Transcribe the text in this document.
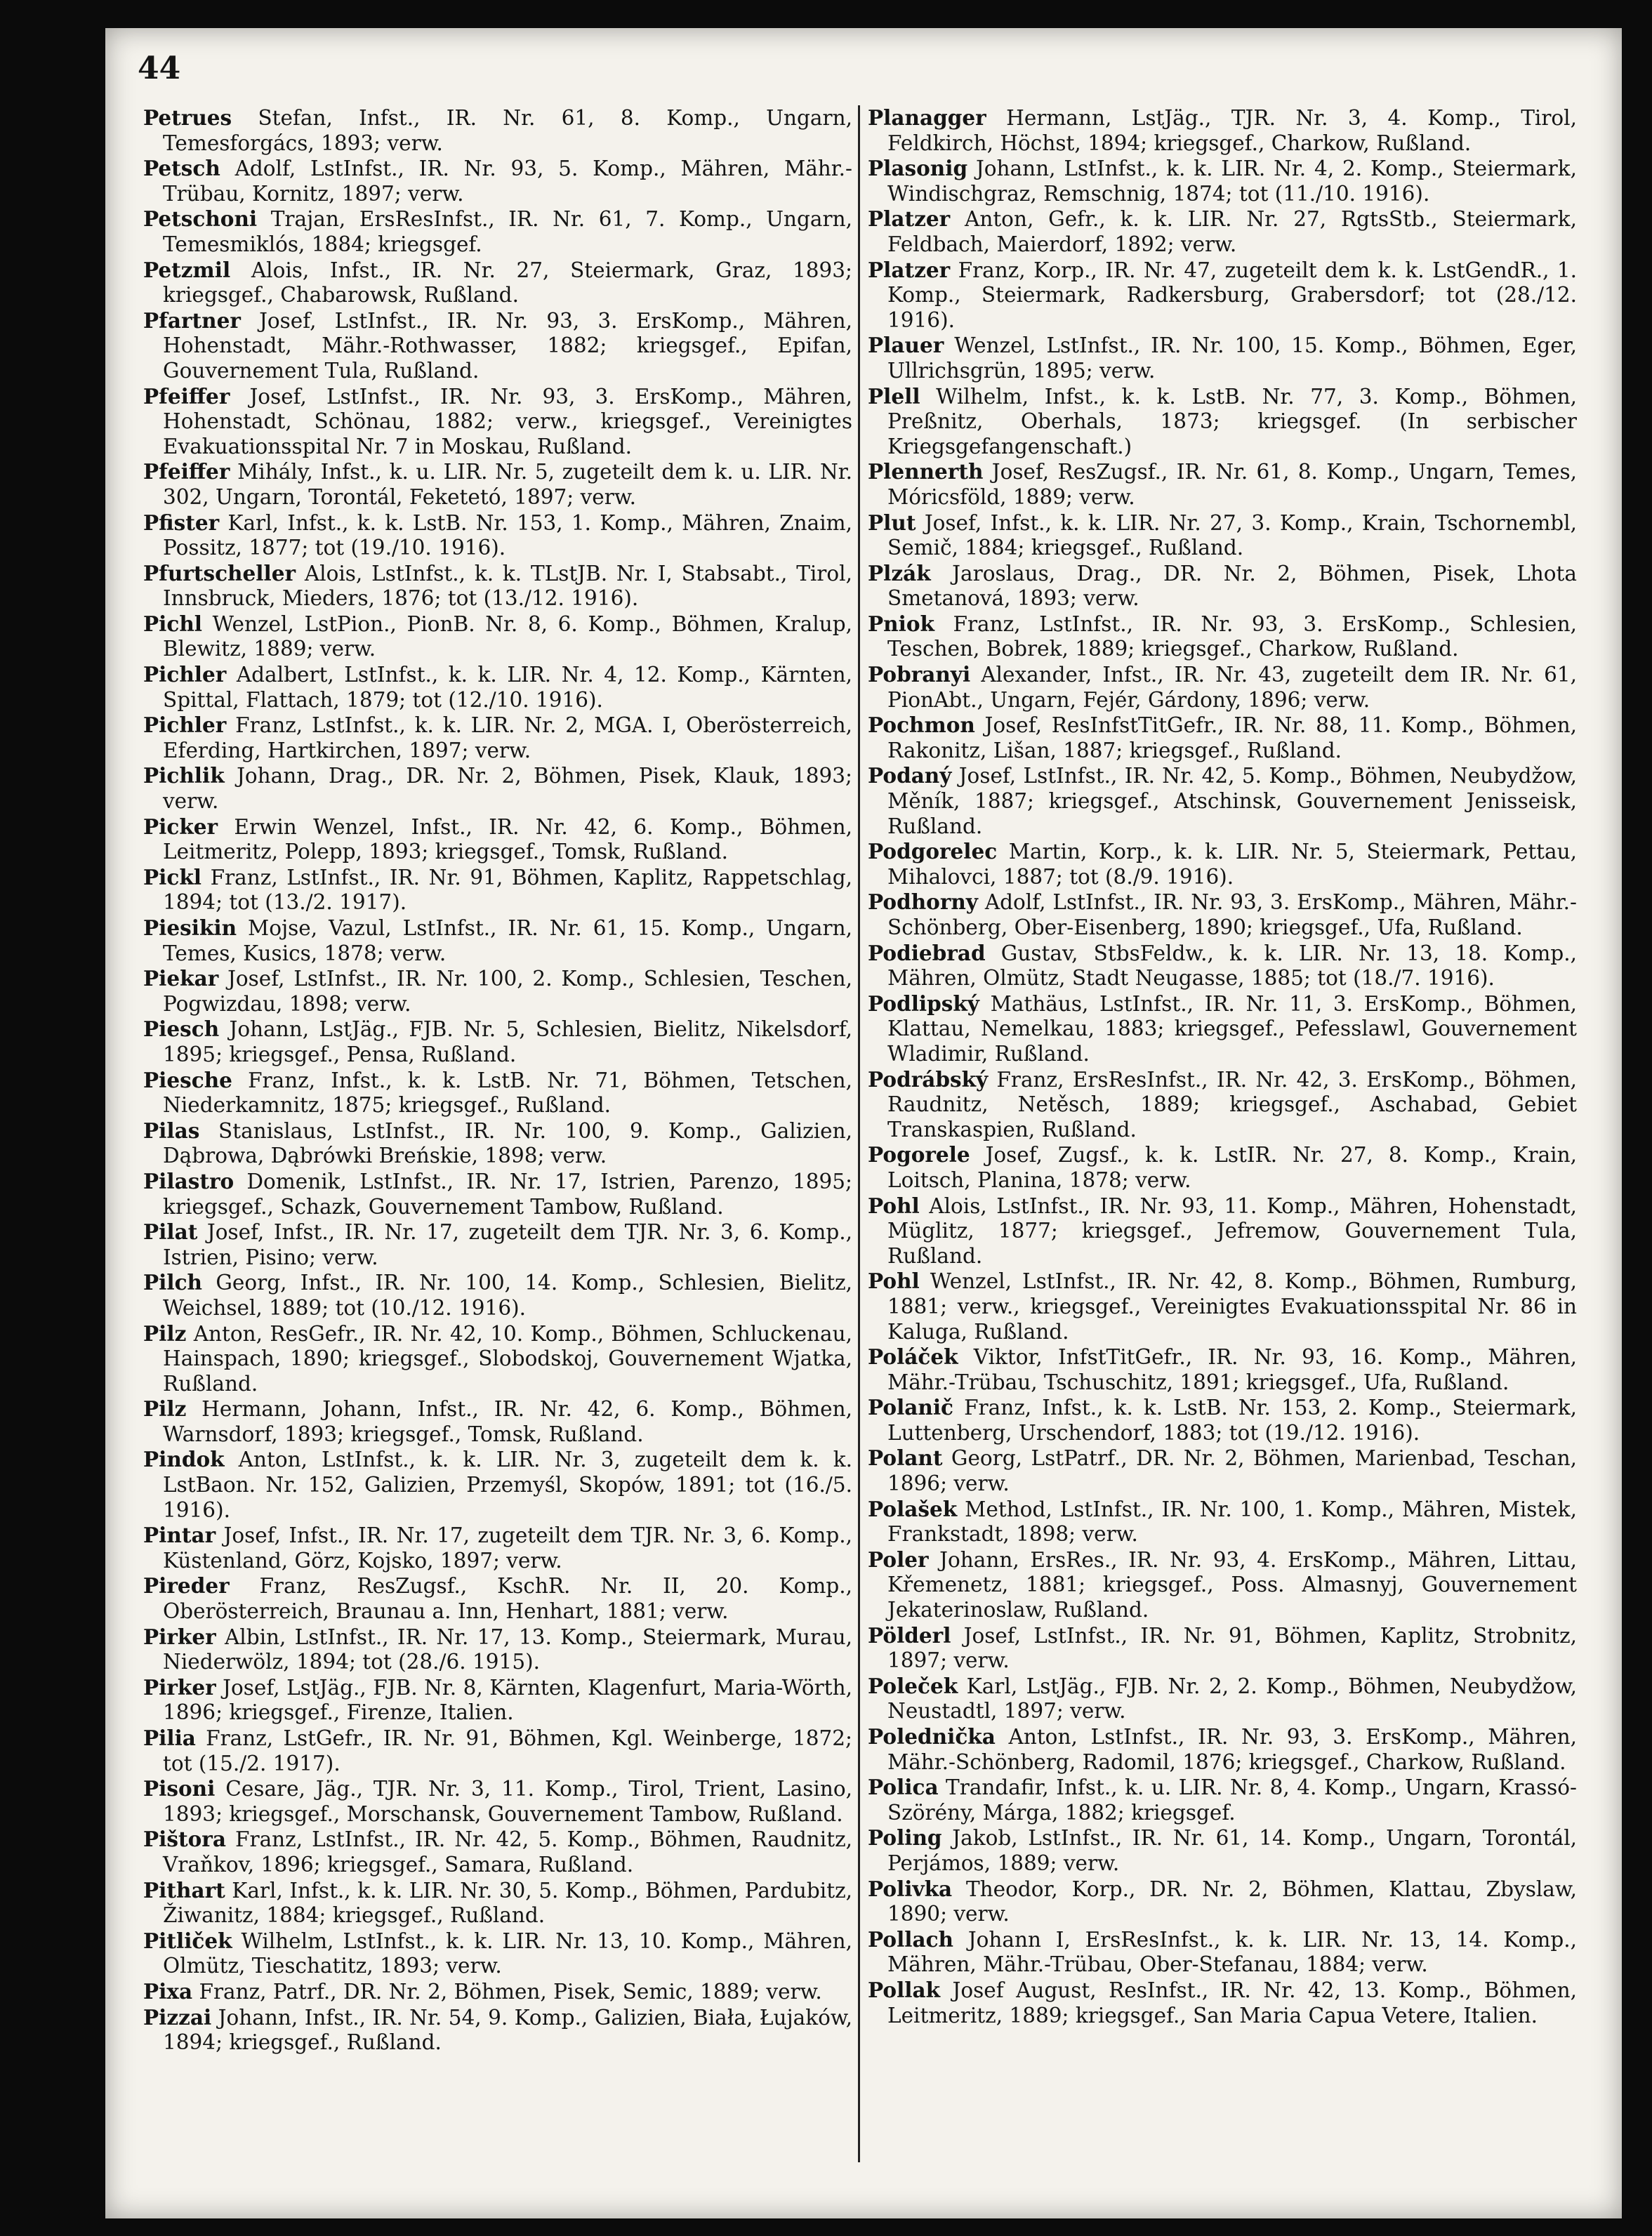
44

Petrues Stefan, Infst., IR. Nr. 61, 8. Komp., Ungarn, Temesforgács, 1893; verw.

Petsch Adolf, LstInfst., IR. Nr. 93, 5. Komp., Mähren, Mähr.-Trübau, Kornitz, 1897; verw.

Petschoni Trajan, ErsResInfst., IR. Nr. 61, 7. Komp., Ungarn, Temesmiklós, 1884; kriegsgef.

Petzmil Alois, Infst., IR. Nr. 27, Steiermark, Graz, 1893; kriegsgef., Chabarowsk, Rußland.

Pfartner Josef, LstInfst., IR. Nr. 93, 3. ErsKomp., Mähren, Hohenstadt, Mähr.-Rothwasser, 1882; kriegsgef., Epifan, Gouvernement Tula, Rußland.

Pfeiffer Josef, LstInfst., IR. Nr. 93, 3. ErsKomp., Mähren, Hohenstadt, Schönau, 1882; verw., kriegsgef., Vereinigtes Evakuationsspital Nr. 7 in Moskau, Rußland.

Pfeiffer Mihály, Infst., k. u. LIR. Nr. 5, zugeteilt dem k. u. LIR. Nr. 302, Ungarn, Torontál, Feketetó, 1897; verw.

Pfister Karl, Infst., k. k. LstB. Nr. 153, 1. Komp., Mähren, Znaim, Possitz, 1877; tot (19./10. 1916).

Pfurtscheller Alois, LstInfst., k. k. TLstJB. Nr. I, Stabsabt., Tirol, Innsbruck, Mieders, 1876; tot (13./12. 1916).

Pichl Wenzel, LstPion., PionB. Nr. 8, 6. Komp., Böhmen, Kralup, Blewitz, 1889; verw.

Pichler Adalbert, LstInfst., k. k. LIR. Nr. 4, 12. Komp., Kärnten, Spittal, Flattach, 1879; tot (12./10. 1916).

Pichler Franz, LstInfst., k. k. LIR. Nr. 2, MGA. I, Oberösterreich, Eferding, Hartkirchen, 1897; verw.

Pichlik Johann, Drag., DR. Nr. 2, Böhmen, Pisek, Klauk, 1893; verw.

Picker Erwin Wenzel, Infst., IR. Nr. 42, 6. Komp., Böhmen, Leitmeritz, Polepp, 1893; kriegsgef., Tomsk, Rußland.

Pickl Franz, LstInfst., IR. Nr. 91, Böhmen, Kaplitz, Rappetschlag, 1894; tot (13./2. 1917).

Piesikin Mojse, Vazul, LstInfst., IR. Nr. 61, 15. Komp., Ungarn, Temes, Kusics, 1878; verw.

Piekar Josef, LstInfst., IR. Nr. 100, 2. Komp., Schlesien, Teschen, Pogwizdau, 1898; verw.

Piesch Johann, LstJäg., FJB. Nr. 5, Schlesien, Bielitz, Nikelsdorf, 1895; kriegsgef., Pensa, Rußland.

Piesche Franz, Infst., k. k. LstB. Nr. 71, Böhmen, Tetschen, Niederkamnitz, 1875; kriegsgef., Rußland.

Pilas Stanislaus, LstInfst., IR. Nr. 100, 9. Komp., Galizien, Dąbrowa, Dąbrówki Breńskie, 1898; verw.

Pilastro Domenik, LstInfst., IR. Nr. 17, Istrien, Parenzo, 1895; kriegsgef., Schazk, Gouvernement Tambow, Rußland.

Pilat Josef, Infst., IR. Nr. 17, zugeteilt dem TJR. Nr. 3, 6. Komp., Istrien, Pisino; verw.

Pilch Georg, Infst., IR. Nr. 100, 14. Komp., Schlesien, Bielitz, Weichsel, 1889; tot (10./12. 1916).

Pilz Anton, ResGefr., IR. Nr. 42, 10. Komp., Böhmen, Schluckenau, Hainspach, 1890; kriegsgef., Slobodskoj, Gouvernement Wjatka, Rußland.

Pilz Hermann, Johann, Infst., IR. Nr. 42, 6. Komp., Böhmen, Warnsdorf, 1893; kriegsgef., Tomsk, Rußland.

Pindok Anton, LstInfst., k. k. LIR. Nr. 3, zugeteilt dem k. k. LstBaon. Nr. 152, Galizien, Przemyśl, Skopów, 1891; tot (16./5. 1916).

Pintar Josef, Infst., IR. Nr. 17, zugeteilt dem TJR. Nr. 3, 6. Komp., Küstenland, Görz, Kojsko, 1897; verw.

Pireder Franz, ResZugsf., KschR. Nr. II, 20. Komp., Oberösterreich, Braunau a. Inn, Henhart, 1881; verw.

Pirker Albin, LstInfst., IR. Nr. 17, 13. Komp., Steiermark, Murau, Niederwölz, 1894; tot (28./6. 1915).

Pirker Josef, LstJäg., FJB. Nr. 8, Kärnten, Klagenfurt, Maria-Wörth, 1896; kriegsgef., Firenze, Italien.

Pilia Franz, LstGefr., IR. Nr. 91, Böhmen, Kgl. Weinberge, 1872; tot (15./2. 1917).

Pisoni Cesare, Jäg., TJR. Nr. 3, 11. Komp., Tirol, Trient, Lasino, 1893; kriegsgef., Morschansk, Gouvernement Tambow, Rußland.

Pištora Franz, LstInfst., IR. Nr. 42, 5. Komp., Böhmen, Raudnitz, Vraňkov, 1896; kriegsgef., Samara, Rußland.

Pithart Karl, Infst., k. k. LIR. Nr. 30, 5. Komp., Böhmen, Pardubitz, Žiwanitz, 1884; kriegsgef., Rußland.

Pitliček Wilhelm, LstInfst., k. k. LIR. Nr. 13, 10. Komp., Mähren, Olmütz, Tieschatitz, 1893; verw.

Pixa Franz, Patrf., DR. Nr. 2, Böhmen, Pisek, Semic, 1889; verw.

Pizzai Johann, Infst., IR. Nr. 54, 9. Komp., Galizien, Biała, Łujaków, 1894; kriegsgef., Rußland.

Planagger Hermann, LstJäg., TJR. Nr. 3, 4. Komp., Tirol, Feldkirch, Höchst, 1894; kriegsgef., Charkow, Rußland.

Plasonig Johann, LstInfst., k. k. LIR. Nr. 4, 2. Komp., Steiermark, Windischgraz, Remschnig, 1874; tot (11./10. 1916).

Platzer Anton, Gefr., k. k. LIR. Nr. 27, RgtsStb., Steiermark, Feldbach, Maierdorf, 1892; verw.

Platzer Franz, Korp., IR. Nr. 47, zugeteilt dem k. k. LstGendR., 1. Komp., Steiermark, Radkersburg, Grabersdorf; tot (28./12. 1916).

Plauer Wenzel, LstInfst., IR. Nr. 100, 15. Komp., Böhmen, Eger, Ullrichsgrün, 1895; verw.

Plell Wilhelm, Infst., k. k. LstB. Nr. 77, 3. Komp., Böhmen, Preßnitz, Oberhals, 1873; kriegsgef. (In serbischer Kriegsgefangenschaft.)

Plennerth Josef, ResZugsf., IR. Nr. 61, 8. Komp., Ungarn, Temes, Móricsföld, 1889; verw.

Plut Josef, Infst., k. k. LIR. Nr. 27, 3. Komp., Krain, Tschornembl, Semič, 1884; kriegsgef., Rußland.

Plzák Jaroslaus, Drag., DR. Nr. 2, Böhmen, Pisek, Lhota Smetanová, 1893; verw.

Pniok Franz, LstInfst., IR. Nr. 93, 3. ErsKomp., Schlesien, Teschen, Bobrek, 1889; kriegsgef., Charkow, Rußland.

Pobranyi Alexander, Infst., IR. Nr. 43, zugeteilt dem IR. Nr. 61, PionAbt., Ungarn, Fejér, Gárdony, 1896; verw.

Pochmon Josef, ResInfstTitGefr., IR. Nr. 88, 11. Komp., Böhmen, Rakonitz, Lišan, 1887; kriegsgef., Rußland.

Podaný Josef, LstInfst., IR. Nr. 42, 5. Komp., Böhmen, Neubydžow, Měník, 1887; kriegsgef., Atschinsk, Gouvernement Jenisseisk, Rußland.

Podgorelec Martin, Korp., k. k. LIR. Nr. 5, Steiermark, Pettau, Mihalovci, 1887; tot (8./9. 1916).

Podhorny Adolf, LstInfst., IR. Nr. 93, 3. ErsKomp., Mähren, Mähr.-Schönberg, Ober-Eisenberg, 1890; kriegsgef., Ufa, Rußland.

Podiebrad Gustav, StbsFeldw., k. k. LIR. Nr. 13, 18. Komp., Mähren, Olmütz, Stadt Neugasse, 1885; tot (18./7. 1916).

Podlipský Mathäus, LstInfst., IR. Nr. 11, 3. ErsKomp., Böhmen, Klattau, Nemelkau, 1883; kriegsgef., Pefesslawl, Gouvernement Wladimir, Rußland.

Podrábský Franz, ErsResInfst., IR. Nr. 42, 3. ErsKomp., Böhmen, Raudnitz, Netěsch, 1889; kriegsgef., Aschabad, Gebiet Transkaspien, Rußland.

Pogorele Josef, Zugsf., k. k. LstIR. Nr. 27, 8. Komp., Krain, Loitsch, Planina, 1878; verw.

Pohl Alois, LstInfst., IR. Nr. 93, 11. Komp., Mähren, Hohenstadt, Müglitz, 1877; kriegsgef., Jefremow, Gouvernement Tula, Rußland.

Pohl Wenzel, LstInfst., IR. Nr. 42, 8. Komp., Böhmen, Rumburg, 1881; verw., kriegsgef., Vereinigtes Evakuationsspital Nr. 86 in Kaluga, Rußland.

Poláček Viktor, InfstTitGefr., IR. Nr. 93, 16. Komp., Mähren, Mähr.-Trübau, Tschuschitz, 1891; kriegsgef., Ufa, Rußland.

Polanič Franz, Infst., k. k. LstB. Nr. 153, 2. Komp., Steiermark, Luttenberg, Urschendorf, 1883; tot (19./12. 1916).

Polant Georg, LstPatrf., DR. Nr. 2, Böhmen, Marienbad, Teschan, 1896; verw.

Polašek Method, LstInfst., IR. Nr. 100, 1. Komp., Mähren, Mistek, Frankstadt, 1898; verw.

Poler Johann, ErsRes., IR. Nr. 93, 4. ErsKomp., Mähren, Littau, Křemenetz, 1881; kriegsgef., Poss. Almasnyj, Gouvernement Jekaterinoslaw, Rußland.

Pölderl Josef, LstInfst., IR. Nr. 91, Böhmen, Kaplitz, Strobnitz, 1897; verw.

Poleček Karl, LstJäg., FJB. Nr. 2, 2. Komp., Böhmen, Neubydžow, Neustadtl, 1897; verw.

Polednička Anton, LstInfst., IR. Nr. 93, 3. ErsKomp., Mähren, Mähr.-Schönberg, Radomil, 1876; kriegsgef., Charkow, Rußland.

Polica Trandafir, Infst., k. u. LIR. Nr. 8, 4. Komp., Ungarn, Krassó-Szörény, Márga, 1882; kriegsgef.

Poling Jakob, LstInfst., IR. Nr. 61, 14. Komp., Ungarn, Torontál, Perjámos, 1889; verw.

Polivka Theodor, Korp., DR. Nr. 2, Böhmen, Klattau, Zbyslaw, 1890; verw.

Pollach Johann I, ErsResInfst., k. k. LIR. Nr. 13, 14. Komp., Mähren, Mähr.-Trübau, Ober-Stefanau, 1884; verw.

Pollak Josef August, ResInfst., IR. Nr. 42, 13. Komp., Böhmen, Leitmeritz, 1889; kriegsgef., San Maria Capua Vetere, Italien.
